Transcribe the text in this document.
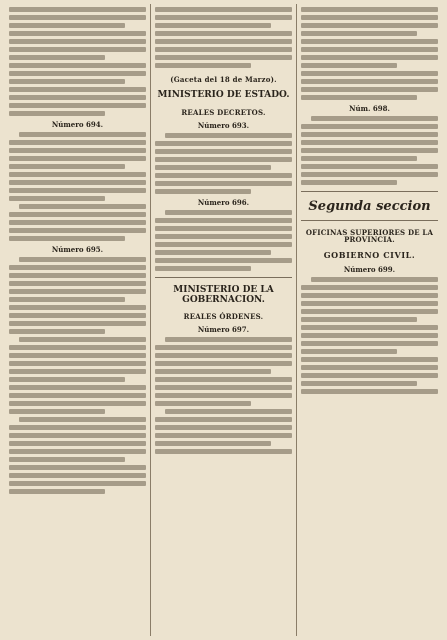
Número 694.
Número 695.
(Gaceta del 18 de Marzo).
MINISTERIO DE ESTADO.
REALES DECRETOS.
Número 693.
Número 696.
MINISTERIO DE LA GOBERNACION.
REALES ÓRDENES.
Número 697.
Núm. 698.
Segunda seccion
OFICINAS SUPERIORES DE LA PROVINCIA.
GOBIERNO CIVIL.
Número 699.
